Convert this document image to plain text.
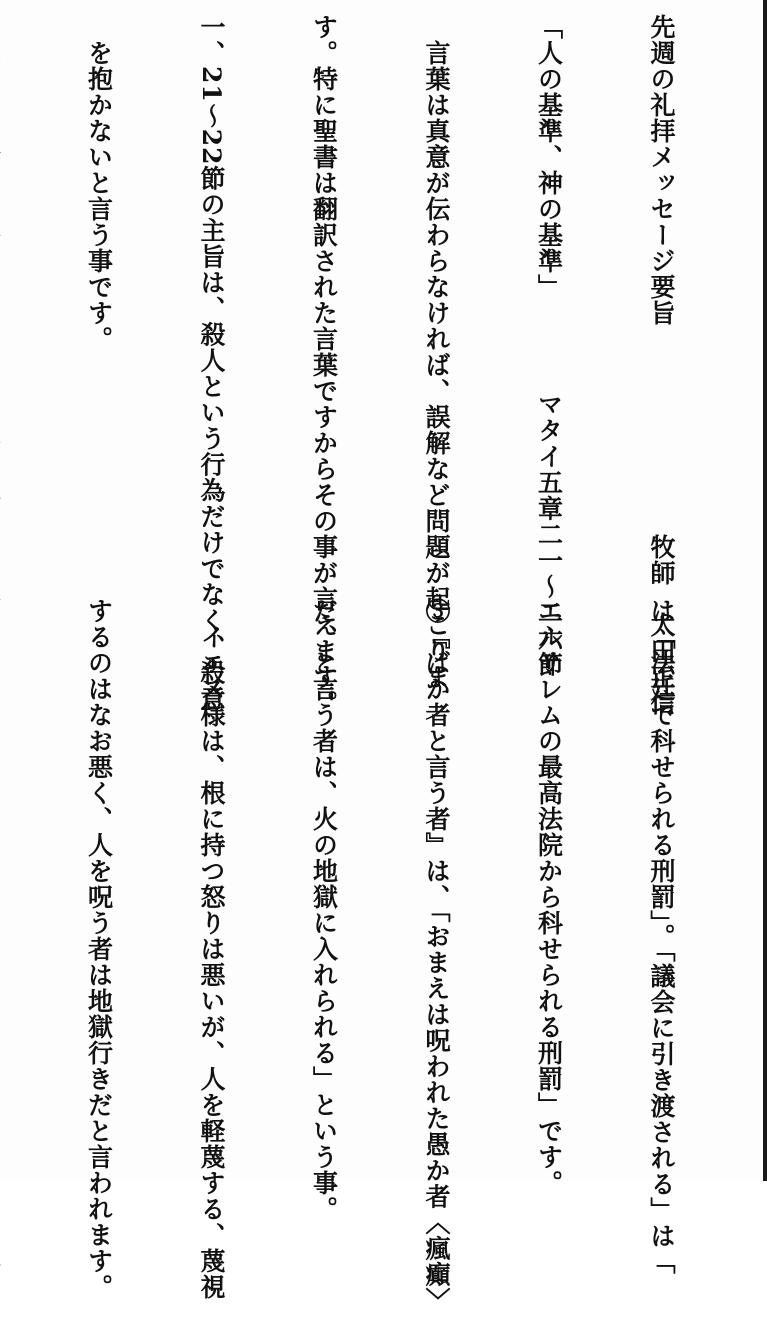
先週の礼拝メッセージ要旨　　　　　　　　牧師　太田正信

「人の基準、神の基準」　　　　マタイ五章二一～二六節

　言葉は真意が伝わらなければ、誤解など問題が起こりま

す。特に聖書は翻訳された言葉ですからその事が言えます。

一、21～22節の主旨は、殺人という行為だけでなく、殺意

　を抱かないと言う事です。

は「法廷で科せられる刑罰」。「議会に引き渡される」は「

エルサレムの最高法院から科せられる刑罰」です。

③『ばか者と言う者』は、「おまえは呪われた愚か者〈瘋癲〉

だ、と言う者は、火の地獄に入れられる」という事。

　イエス様は、根に持つ怒りは悪いが、人を軽蔑する、蔑視

するのはなお悪く、人を呪う者は地獄行きだと言われます。
